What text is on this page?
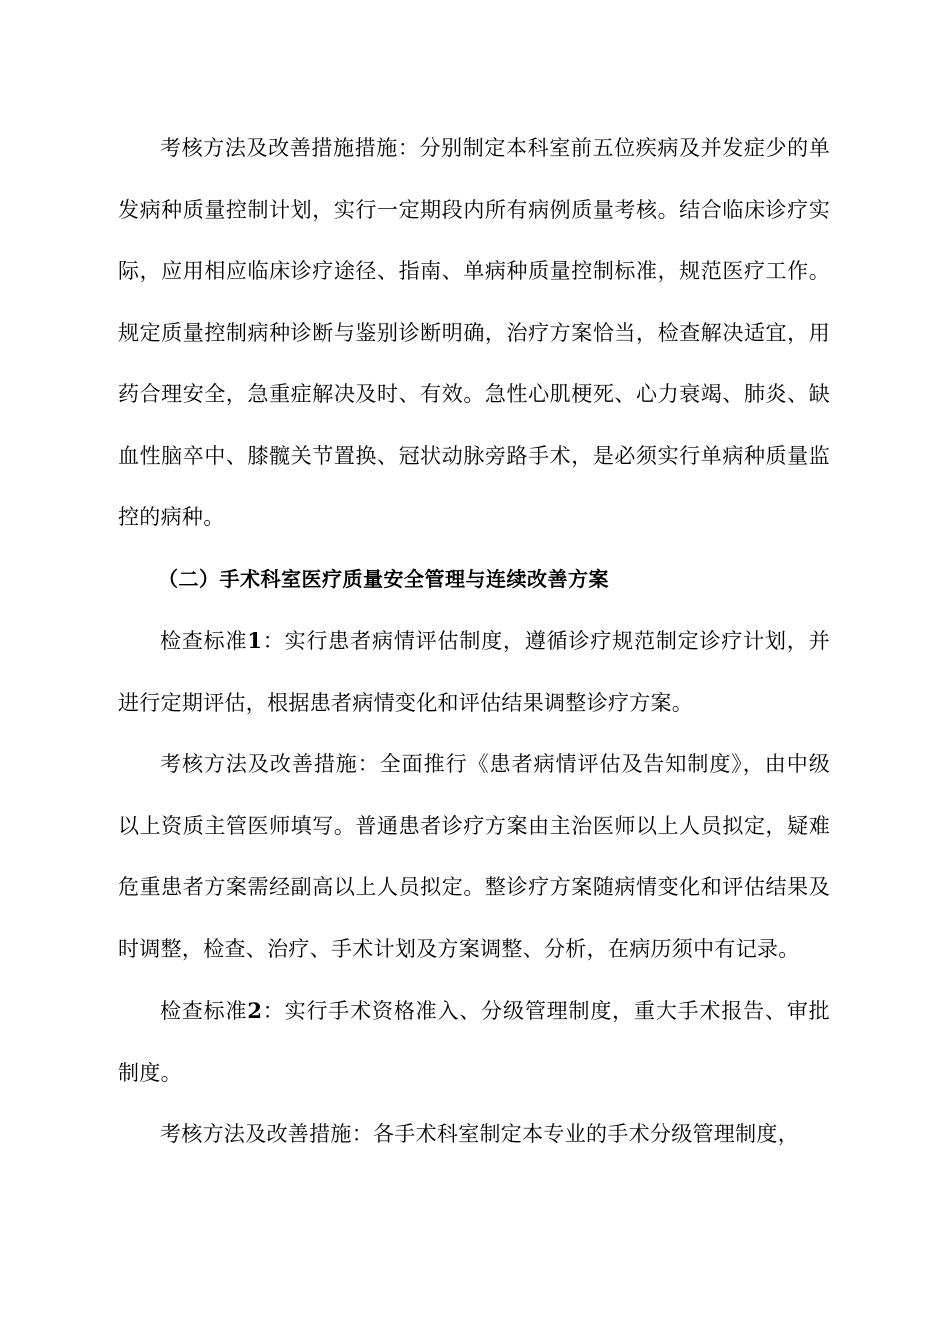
考核方法及改善措施措施：分别制定本科室前五位疾病及并发症少的单发病种质量控制计划，实行一定期段内所有病例质量考核。结合临床诊疗实际，应用相应临床诊疗途径、指南、单病种质量控制标准，规范医疗工作。规定质量控制病种诊断与鉴别诊断明确，治疗方案恰当，检查解决适宜，用药合理安全，急重症解决及时、有效。急性心肌梗死、心力衰竭、肺炎、缺血性脑卒中、膝髋关节置换、冠状动脉旁路手术，是必须实行单病种质量监控的病种。

（二）手术科室医疗质量安全管理与连续改善方案

检查标准1：实行患者病情评估制度，遵循诊疗规范制定诊疗计划，并进行定期评估，根据患者病情变化和评估结果调整诊疗方案。

考核方法及改善措施：全面推行《患者病情评估及告知制度》，由中级以上资质主管医师填写。普通患者诊疗方案由主治医师以上人员拟定，疑难危重患者方案需经副高以上人员拟定。整诊疗方案随病情变化和评估结果及时调整，检查、治疗、手术计划及方案调整、分析，在病历须中有记录。

检查标准2：实行手术资格准入、分级管理制度，重大手术报告、审批制度。

考核方法及改善措施：各手术科室制定本专业的手术分级管理制度，
